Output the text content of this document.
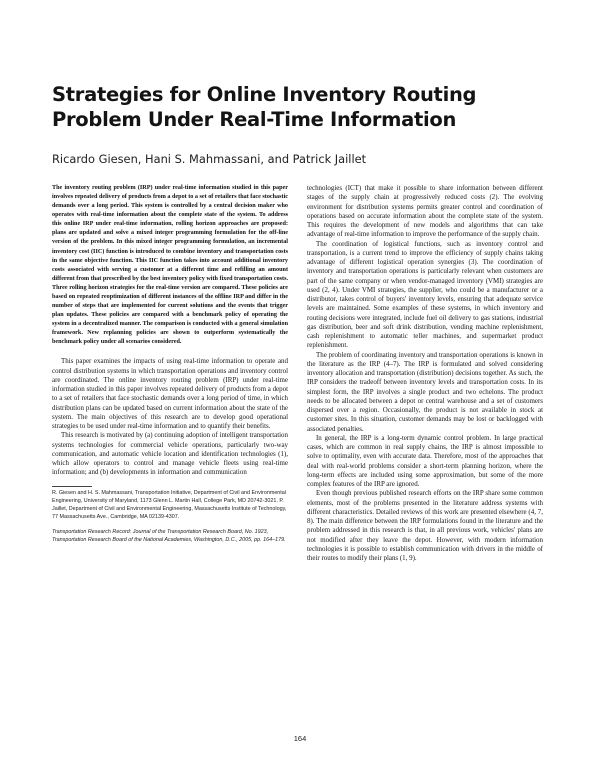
Strategies for Online Inventory Routing
Problem Under Real-Time Information
Ricardo Giesen, Hani S. Mahmassani, and Patrick Jaillet

The inventory routing problem (IRP) under real-time information studied in this paper involves repeated delivery of products from a depot to a set of retailers that face stochastic demands over a long period. This system is controlled by a central decision maker who operates with real-time information about the complete state of the system. To address this online IRP under real-time information, rolling horizon approaches are proposed: plans are updated and solve a mixed integer programming formulation for the off-line version of the problem. In this mixed integer programming formulation, an incremental inventory cost (IIC) function is introduced to combine inventory and transportation costs in the same objective function. This IIC function takes into account additional inventory costs associated with serving a customer at a different time and refilling an amount different from that prescribed by the best inventory policy with fixed transportation costs. Three rolling horizon strategies for the real-time version are compared. These policies are based on repeated reoptimization of different instances of the offline IRP and differ in the number of steps that are implemented for current solutions and the events that trigger plan updates. These policies are compared with a benchmark policy of operating the system in a decentralized manner. The comparison is conducted with a general simulation framework. New replanning policies are shown to outperform systematically the benchmark policy under all scenarios considered.

This paper examines the impacts of using real-time information to operate and control distribution systems in which transportation operations and inventory control are coordinated. The online inventory routing problem (IRP) under real-time information studied in this paper involves repeated delivery of products from a depot to a set of retailers that face stochastic demands over a long period of time, in which distribution plans can be updated based on current information about the state of the system. The main objectives of this research are to develop good operational strategies to be used under real-time information and to quantify their benefits.

This research is motivated by (a) continuing adoption of intelligent transportation systems technologies for commercial vehicle operations, particularly two-way communication, and automatic vehicle location and identification technologies (1), which allow operators to control and manage vehicle fleets using real-time information; and (b) developments in information and communication

R. Giesen and H. S. Mahmassani, Transportation Initiative, Department of Civil and Environmental Engineering, University of Maryland, 1173 Glenn L. Martin Hall, College Park, MD 20742-3021. P. Jaillet, Department of Civil and Environmental Engineering, Massachusetts Institute of Technology, 77 Massachusetts Ave., Cambridge, MA 02139-4307.

Transportation Research Record: Journal of the Transportation Research Board, No. 1923, Transportation Research Board of the National Academies, Washington, D.C., 2005, pp. 164–179.

technologies (ICT) that make it possible to share information between different stages of the supply chain at progressively reduced costs (2). The evolving environment for distribution systems permits greater control and coordination of operations based on accurate information about the complete state of the system. This requires the development of new models and algorithms that can take advantage of real-time information to improve the performance of the supply chain.

The coordination of logistical functions, such as inventory control and transportation, is a current trend to improve the efficiency of supply chains taking advantage of different logistical operation synergies (3). The coordination of inventory and transportation operations is particularly relevant when customers are part of the same company or when vendor-managed inventory (VMI) strategies are used (2, 4). Under VMI strategies, the supplier, who could be a manufacturer or a distributor, takes control of buyers' inventory levels, ensuring that adequate service levels are maintained. Some examples of these systems, in which inventory and routing decisions were integrated, include fuel oil delivery to gas stations, industrial gas distribution, beer and soft drink distribution, vending machine replenishment, cash replenishment to automatic teller machines, and supermarket product replenishment.

The problem of coordinating inventory and transportation operations is known in the literature as the IRP (4–7). The IRP is formulated and solved considering inventory allocation and transportation (distribution) decisions together. As such, the IRP considers the tradeoff between inventory levels and transportation costs. In its simplest form, the IRP involves a single product and two echelons. The product needs to be allocated between a depot or central warehouse and a set of customers dispersed over a region. Occasionally, the product is not available in stock at customer sites. In this situation, customer demands may be lost or backlogged with associated penalties.

In general, the IRP is a long-term dynamic control problem. In large practical cases, which are common in real supply chains, the IRP is almost impossible to solve to optimality, even with accurate data. Therefore, most of the approaches that deal with real-world problems consider a short-term planning horizon, where the long-term effects are included using some approximation, but some of the more complex features of the IRP are ignored.

Even though previous published research efforts on the IRP share some common elements, most of the problems presented in the literature address systems with different characteristics. Detailed reviews of this work are presented elsewhere (4, 7, 8). The main difference between the IRP formulations found in the literature and the problem addressed in this research is that, in all previous work, vehicles' plans are not modified after they leave the depot. However, with modern information technologies it is possible to establish communication with drivers in the middle of their routes to modify their plans (1, 9).

164
